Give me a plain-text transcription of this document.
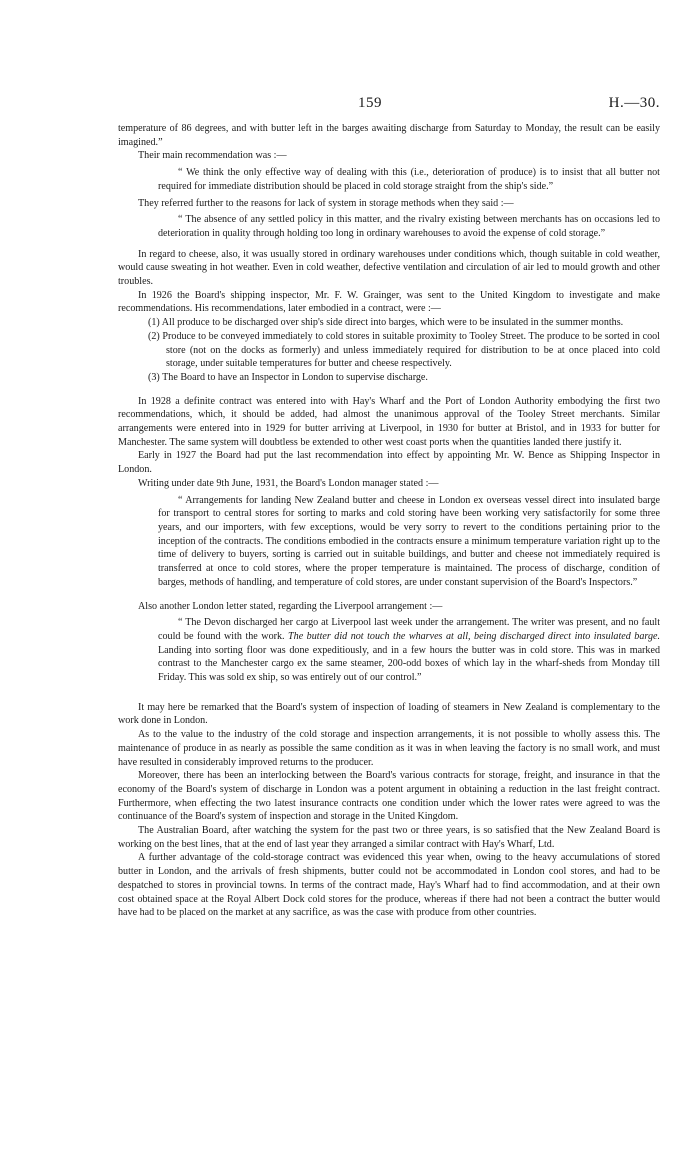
159	H.—30.

temperature of 86 degrees, and with butter left in the barges awaiting discharge from Saturday to Monday, the result can be easily imagined.”

Their main recommendation was :—

“ We think the only effective way of dealing with this (i.e., deterioration of produce) is to insist that all butter not required for immediate distribution should be placed in cold storage straight from the ship's side.”

They referred further to the reasons for lack of system in storage methods when they said :—

“ The absence of any settled policy in this matter, and the rivalry existing between merchants has on occasions led to deterioration in quality through holding too long in ordinary warehouses to avoid the expense of cold storage.”

In regard to cheese, also, it was usually stored in ordinary warehouses under conditions which, though suitable in cold weather, would cause sweating in hot weather. Even in cold weather, defective ventilation and circulation of air led to mould growth and other troubles.

In 1926 the Board's shipping inspector, Mr. F. W. Grainger, was sent to the United Kingdom to investigate and make recommendations. His recommendations, later embodied in a contract, were :—

(1) All produce to be discharged over ship's side direct into barges, which were to be insulated in the summer months.

(2) Produce to be conveyed immediately to cold stores in suitable proximity to Tooley Street. The produce to be sorted in cool store (not on the docks as formerly) and unless immediately required for distribution to be at once placed into cold storage, under suitable temperatures for butter and cheese respectively.

(3) The Board to have an Inspector in London to supervise discharge.

In 1928 a definite contract was entered into with Hay's Wharf and the Port of London Authority embodying the first two recommendations, which, it should be added, had almost the unanimous approval of the Tooley Street merchants. Similar arrangements were entered into in 1929 for butter arriving at Liverpool, in 1930 for butter at Bristol, and in 1933 for butter for Manchester. The same system will doubtless be extended to other west coast ports when the quantities landed there justify it.

Early in 1927 the Board had put the last recommendation into effect by appointing Mr. W. Bence as Shipping Inspector in London.

Writing under date 9th June, 1931, the Board's London manager stated :—

“ Arrangements for landing New Zealand butter and cheese in London ex overseas vessel direct into insulated barge for transport to central stores for sorting to marks and cold storing have been working very satisfactorily for some three years, and our importers, with few exceptions, would be very sorry to revert to the conditions pertaining prior to the inception of the contracts. The conditions embodied in the contracts ensure a minimum temperature variation right up to the time of delivery to buyers, sorting is carried out in suitable buildings, and butter and cheese not immediately required is transferred at once to cold stores, where the proper temperature is maintained. The process of discharge, condition of barges, methods of handling, and temperature of cold stores, are under constant supervision of the Board's Inspectors.”

Also another London letter stated, regarding the Liverpool arrangement :—

“ The Devon discharged her cargo at Liverpool last week under the arrangement. The writer was present, and no fault could be found with the work. The butter did not touch the wharves at all, being discharged direct into insulated barge. Landing into sorting floor was done expeditiously, and in a few hours the butter was in cold store. This was in marked contrast to the Manchester cargo ex the same steamer, 200-odd boxes of which lay in the wharf-sheds from Monday till Friday. This was sold ex ship, so was entirely out of our control.”

It may here be remarked that the Board's system of inspection of loading of steamers in New Zealand is complementary to the work done in London.

As to the value to the industry of the cold storage and inspection arrangements, it is not possible to wholly assess this. The maintenance of produce in as nearly as possible the same condition as it was in when leaving the factory is no small work, and must have resulted in considerably improved returns to the producer.

Moreover, there has been an interlocking between the Board's various contracts for storage, freight, and insurance in that the economy of the Board's system of discharge in London was a potent argument in obtaining a reduction in the last freight contract. Furthermore, when effecting the two latest insurance contracts one condition under which the lower rates were agreed to was the continuance of the Board's system of inspection and storage in the United Kingdom.

The Australian Board, after watching the system for the past two or three years, is so satisfied that the New Zealand Board is working on the best lines, that at the end of last year they arranged a similar contract with Hay's Wharf, Ltd.

A further advantage of the cold-storage contract was evidenced this year when, owing to the heavy accumulations of stored butter in London, and the arrivals of fresh shipments, butter could not be accommodated in London cool stores, and had to be despatched to stores in provincial towns. In terms of the contract made, Hay's Wharf had to find accommodation, and at their own cost obtained space at the Royal Albert Dock cold stores for the produce, whereas if there had not been a contract the butter would have had to be placed on the market at any sacrifice, as was the case with produce from other countries.
